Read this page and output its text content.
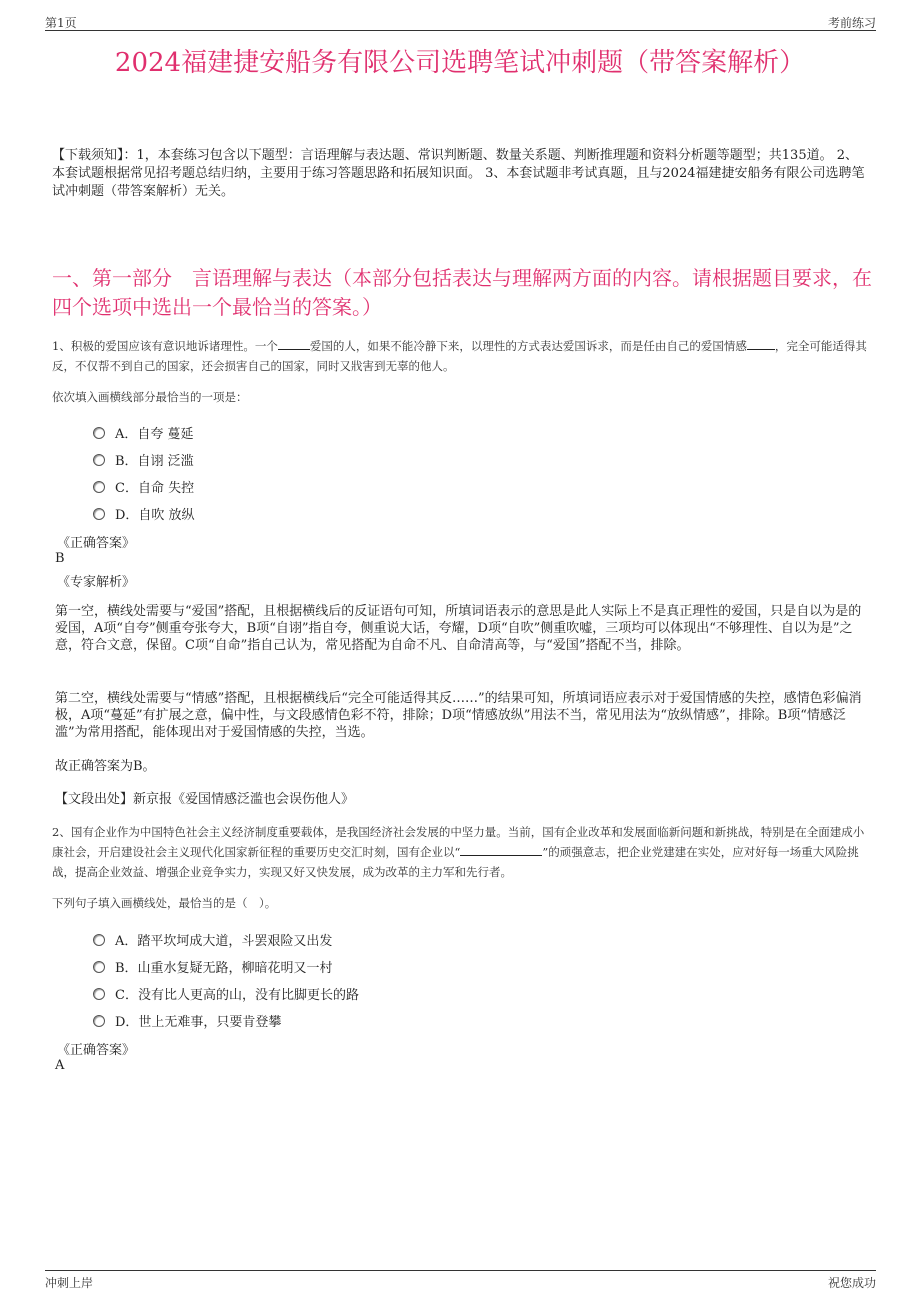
第1页	考前练习
2024福建捷安船务有限公司选聘笔试冲刺题（带答案解析）
【下载须知】：1，本套练习包含以下题型：言语理解与表达题、常识判断题、数量关系题、判断推理题和资料分析题等题型；共135道。 2、本套试题根据常见招考题总结归纳，主要用于练习答题思路和拓展知识面。 3、本套试题非考试真题，且与2024福建捷安船务有限公司选聘笔试冲刺题（带答案解析）无关。
一、第一部分　言语理解与表达（本部分包括表达与理解两方面的内容。请根据题目要求，在四个选项中选出一个最恰当的答案。）
1、积极的爱国应该有意识地诉诸理性。一个	爱国的人，如果不能冷静下来，以理性的方式表达爱国诉求，而是任由自己的爱国情感 ，完全可能适得其反，不仅帮不到自己的国家，还会损害自己的国家，同时又戕害到无辜的他人。
依次填入画横线部分最恰当的一项是：
A．自夸 蔓延
B．自诩 泛滥
C．自命 失控
D．自吹 放纵
《正确答案》
B
《专家解析》
第一空，横线处需要与“爱国”搭配，且根据横线后的反证语句可知，所填词语表示的意思是此人实际上不是真正理性的爱国，只是自以为是的爱国，A项“自夸”侧重夸张夸大，B项“自诩”指自夸，侧重说大话，夸耀，D项“自吹”侧重吹嘘，三项均可以体现出“不够理性、自以为是”之意，符合文意，保留。C项“自命”指自己认为，常见搭配为自命不凡、自命清高等，与“爱国”搭配不当，排除。
第二空，横线处需要与“情感”搭配，且根据横线后“完全可能适得其反……”的结果可知，所填词语应表示对于爱国情感的失控，感情色彩偏消极，A项“蔓延”有扩展之意，偏中性，与文段感情色彩不符，排除；D项“情感放纵”用法不当，常见用法为“放纵情感”，排除。B项“情感泛滥”为常用搭配，能体现出对于爱国情感的失控，当选。
故正确答案为B。
【文段出处】新京报《爱国情感泛滥也会误伤他人》
2、国有企业作为中国特色社会主义经济制度重要载体，是我国经济社会发展的中坚力量。当前，国有企业改革和发展面临新问题和新挑战，特别是在全面建成小康社会，开启建设社会主义现代化国家新征程的重要历史交汇时刻，国有企业以“	”的顽强意志，把企业党建建在实处，应对好每一场重大风险挑战，提高企业效益、增强企业竞争实力，实现又好又快发展，成为改革的主力军和先行者。
下列句子填入画横线处，最恰当的是（　）。
A．踏平坎坷成大道，斗罢艰险又出发
B．山重水复疑无路，柳暗花明又一村
C．没有比人更高的山，没有比脚更长的路
D．世上无难事，只要肯登攀
《正确答案》
A
冲刺上岸	祝您成功
